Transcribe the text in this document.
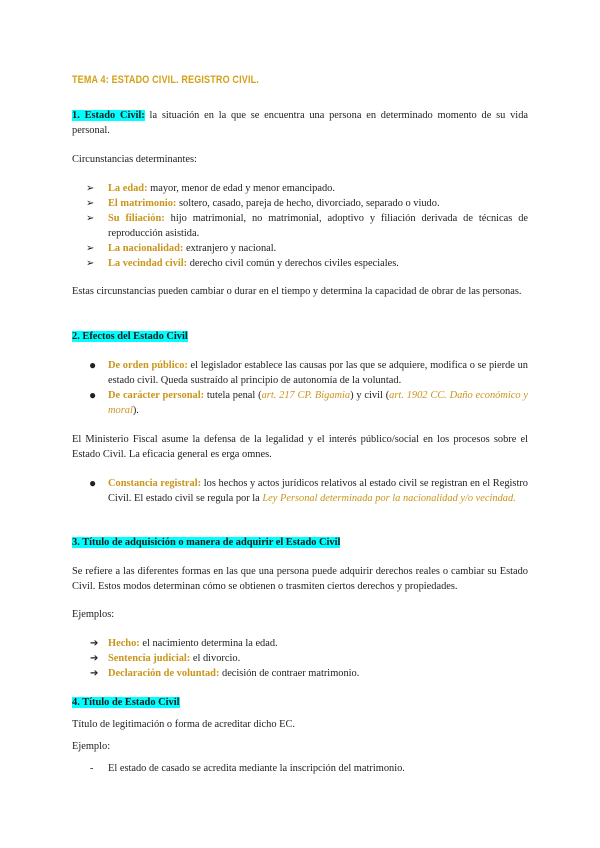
TEMA 4: ESTADO CIVIL. REGISTRO CIVIL.
1. Estado Civil: la situación en la que se encuentra una persona en determinado momento de su vida personal.
Circunstancias determinantes:
➢ La edad: mayor, menor de edad y menor emancipado.
➢ El matrimonio: soltero, casado, pareja de hecho, divorciado, separado o viudo.
➢ Su filiación: hijo matrimonial, no matrimonial, adoptivo y filiación derivada de técnicas de reproducción asistida.
➢ La nacionalidad: extranjero y nacional.
➢ La vecindad civil: derecho civil común y derechos civiles especiales.
Estas circunstancias pueden cambiar o durar en el tiempo y determina la capacidad de obrar de las personas.
2. Efectos del Estado Civil
● De orden público: el legislador establece las causas por las que se adquiere, modifica o se pierde un estado civil. Queda sustraído al principio de autonomía de la voluntad.
● De carácter personal: tutela penal (art. 217 CP. Bigamia) y civil (art. 1902 CC. Daño económico y moral).
El Ministerio Fiscal asume la defensa de la legalidad y el interés público/social en los procesos sobre el Estado Civil. La eficacia general es erga omnes.
● Constancia registral: los hechos y actos jurídicos relativos al estado civil se registran en el Registro Civil. El estado civil se regula por la Ley Personal determinada por la nacionalidad y/o vecindad.
3. Título de adquisición o manera de adquirir el Estado Civil
Se refiere a las diferentes formas en las que una persona puede adquirir derechos reales o cambiar su Estado Civil. Estos modos determinan cómo se obtienen o trasmiten ciertos derechos y propiedades.
Ejemplos:
➔ Hecho: el nacimiento determina la edad.
➔ Sentencia judicial: el divorcio.
➔ Declaración de voluntad: decisión de contraer matrimonio.
4. Título de Estado Civil
Título de legitimación o forma de acreditar dicho EC.
Ejemplo:
- El estado de casado se acredita mediante la inscripción del matrimonio.
